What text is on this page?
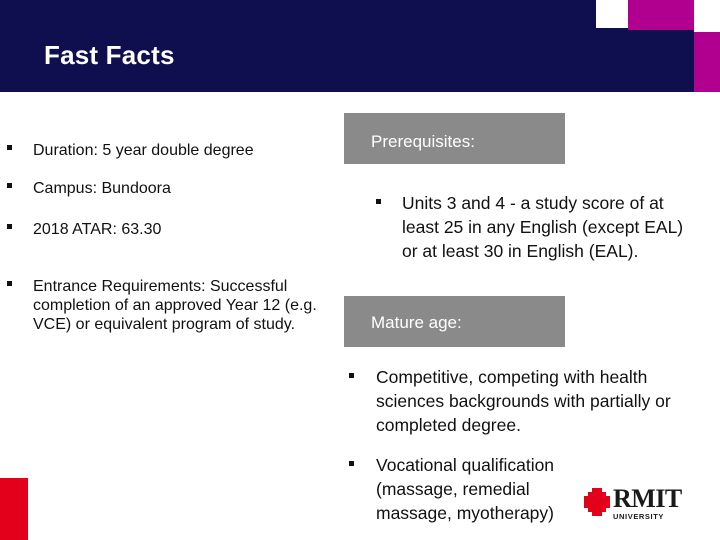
Fast Facts
Duration: 5 year double degree
Campus: Bundoora
2018 ATAR: 63.30
Entrance Requirements: Successful completion of an approved Year 12 (e.g. VCE) or equivalent program of study.
Prerequisites:
Units 3 and 4 - a study score of at least 25 in any English (except EAL) or at least 30 in English (EAL).
Mature age:
Competitive, competing with health sciences backgrounds with partially or completed degree.
Vocational qualification (massage, remedial massage, myotherapy)	RMIT
UNIVERSITY
